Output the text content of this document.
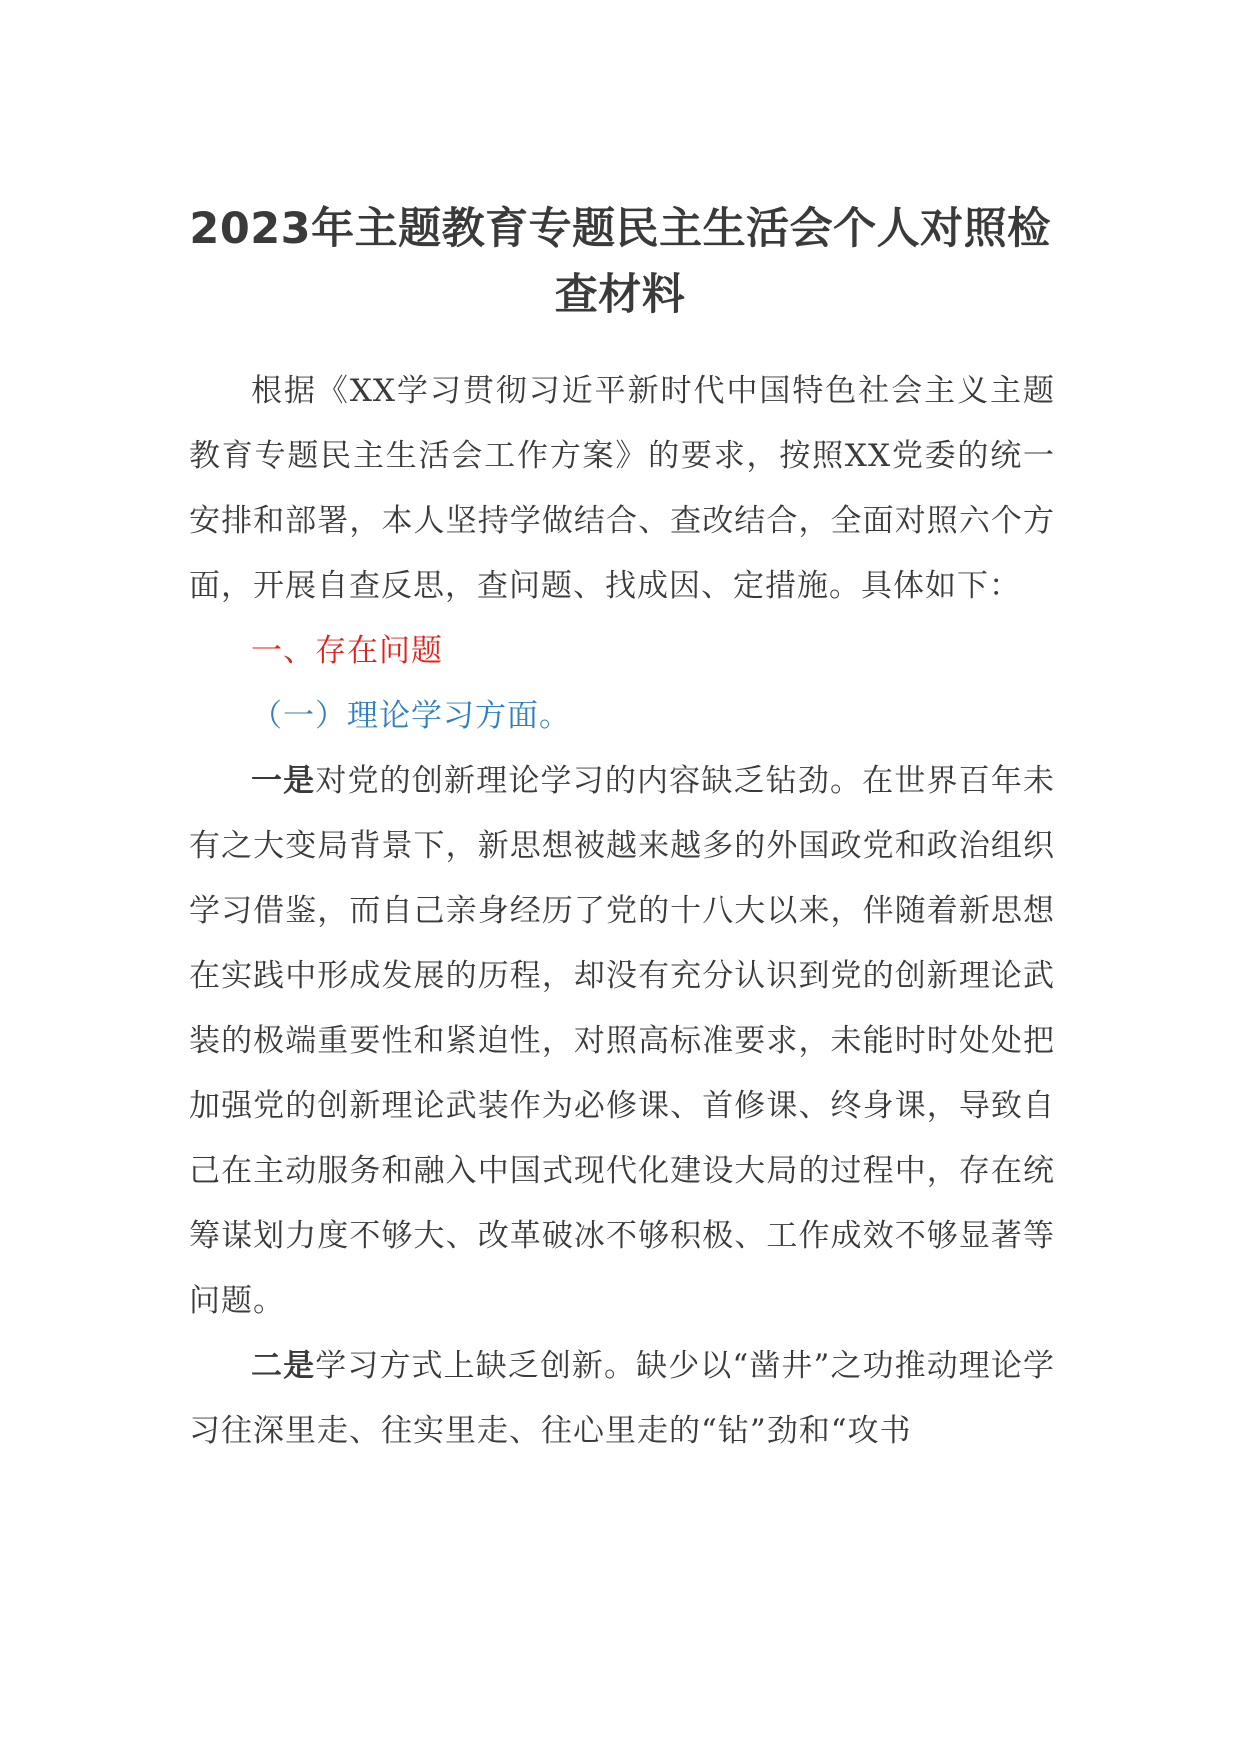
2023年主题教育专题民主生活会个人对照检查材料

根据《XX学习贯彻习近平新时代中国特色社会主义主题教育专题民主生活会工作方案》的要求，按照XX党委的统一安排和部署，本人坚持学做结合、查改结合，全面对照六个方面，开展自查反思，查问题、找成因、定措施。具体如下：

一、存在问题

（一）理论学习方面。

一是对党的创新理论学习的内容缺乏钻劲。在世界百年未有之大变局背景下，新思想被越来越多的外国政党和政治组织学习借鉴，而自己亲身经历了党的十八大以来，伴随着新思想在实践中形成发展的历程，却没有充分认识到党的创新理论武装的极端重要性和紧迫性，对照高标准要求，未能时时处处把加强党的创新理论武装作为必修课、首修课、终身课，导致自己在主动服务和融入中国式现代化建设大局的过程中，存在统筹谋划力度不够大、改革破冰不够积极、工作成效不够显著等问题。

二是学习方式上缺乏创新。缺少以“凿井”之功推动理论学习往深里走、往实里走、往心里走的“钻”劲和“攻书
